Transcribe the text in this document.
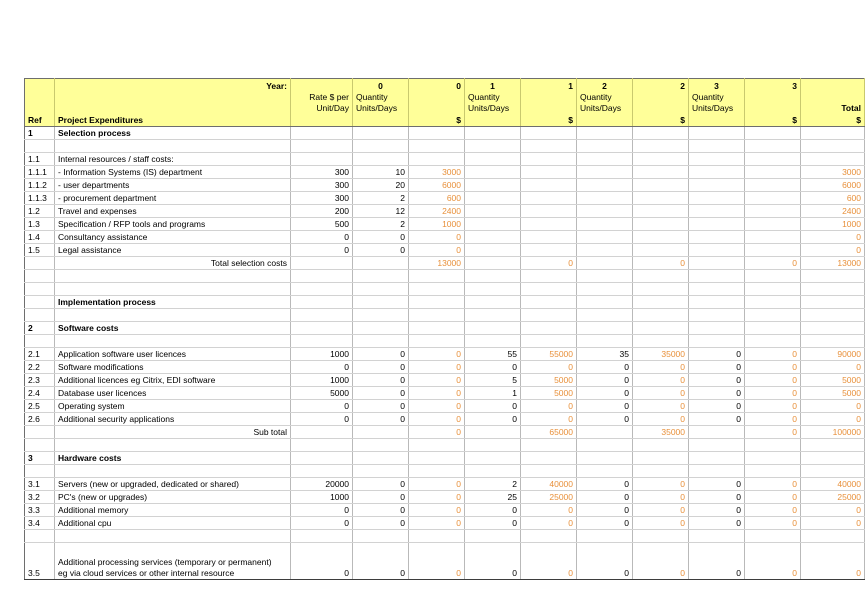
	Year:		0	0	1	1	2	2	3	3	
		Rate $ per	Quantity		Quantity		Quantity		Quantity		
		Unit/Day	Units/Days		Units/Days		Units/Days		Units/Days		Total
Ref	Project Expenditures			$		$		$		$	$
1	Selection process										

1.1	Internal resources / staff costs:										
1.1.1	- Information Systems (IS) department	300	10	3000							3000
1.1.2	- user departments	300	20	6000							6000
1.1.3	- procurement department	300	2	600							600
1.2	Travel and expenses	200	12	2400							2400
1.3	Specification / RFP tools and programs	500	2	1000							1000
1.4	Consultancy assistance	0	0	0							0
1.5	Legal assistance	0	0	0							0
	Total selection costs			13000		0		0		0	13000

	Implementation process										

2	Software costs										

2.1	Application software user licences	1000	0	0	55	55000	35	35000	0	0	90000
2.2	Software modifications	0	0	0	0	0	0	0	0	0	0
2.3	Additional licences eg Citrix, EDI software	1000	0	0	5	5000	0	0	0	0	5000
2.4	Database user licences	5000	0	0	1	5000	0	0	0	0	5000
2.5	Operating system	0	0	0	0	0	0	0	0	0	0
2.6	Additional security applications	0	0	0	0	0	0	0	0	0	0
	Sub total			0		65000		35000		0	100000

3	Hardware costs										

3.1	Servers (new or upgraded, dedicated or shared)	20000	0	0	2	40000	0	0	0	0	40000
3.2	PC's (new or upgrades)	1000	0	0	25	25000	0	0	0	0	25000
3.3	Additional memory	0	0	0	0	0	0	0	0	0	0
3.4	Additional cpu	0	0	0	0	0	0	0	0	0	0

3.5	Additional processing services (temporary or permanent)
eg via cloud services or other internal resource	0	0	0	0	0	0	0	0	0	0
